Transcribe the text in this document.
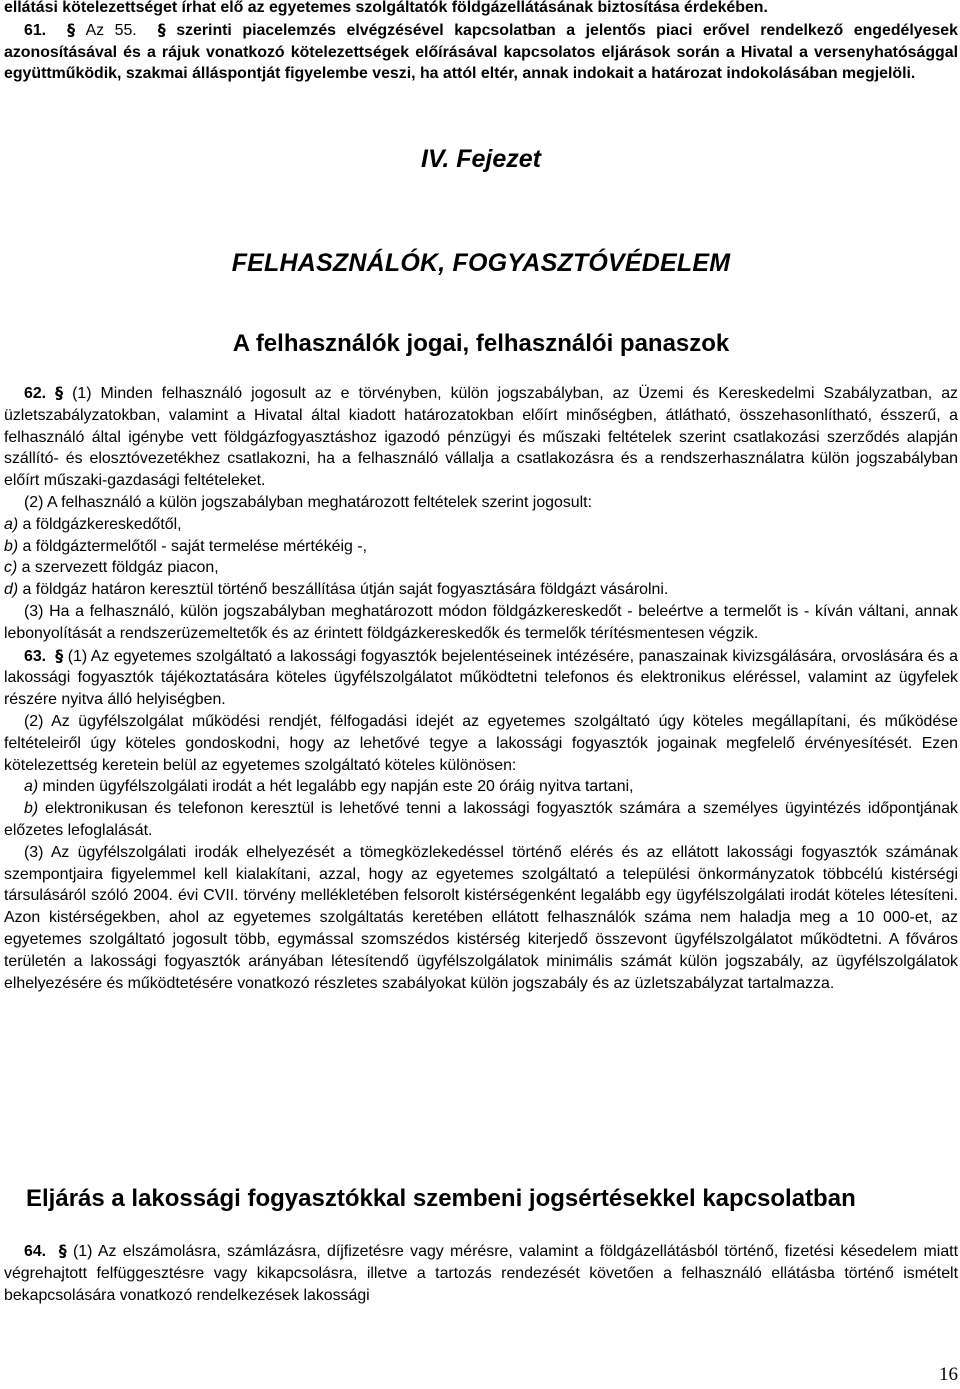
ellátási kötelezettséget írhat elő az egyetemes szolgáltatók földgázellátásának biztosítása érdekében.

61. § Az 55. § szerinti piacelemzés elvégzésével kapcsolatban a jelentős piaci erővel rendelkező engedélyesek azonosításával és a rájuk vonatkozó kötelezettségek előírásával kapcsolatos eljárások során a Hivatal a versenyhatósággal együttműködik, szakmai álláspontját figyelembe veszi, ha attól eltér, annak indokait a határozat indokolásában megjelöli.

IV. Fejezet
FELHASZNÁLÓK, FOGYASZTÓVÉDELEM
A felhasználók jogai, felhasználói panaszok

62. § (1) Minden felhasználó jogosult az e törvényben, külön jogszabályban, az Üzemi és Kereskedelmi Szabályzatban, az üzletszabályzatokban, valamint a Hivatal által kiadott határozatokban előírt minőségben, átlátható, összehasonlítható, ésszerű, a felhasználó által igénybe vett földgázfogyasztáshoz igazodó pénzügyi és műszaki feltételek szerint csatlakozási szerződés alapján szállító- és elosztóvezetékhez csatlakozni, ha a felhasználó vállalja a csatlakozásra és a rendszerhasználatra külön jogszabályban előírt műszaki-gazdasági feltételeket.

(2) A felhasználó a külön jogszabályban meghatározott feltételek szerint jogosult:

a) a földgázkereskedőtől,

b) a földgáztermelőtől - saját termelése mértékéig -,

c) a szervezett földgáz piacon,

d) a földgáz határon keresztül történő beszállítása útján saját fogyasztására földgázt vásárolni.

(3) Ha a felhasználó, külön jogszabályban meghatározott módon földgázkereskedőt - beleértve a termelőt is - kíván váltani, annak lebonyolítását a rendszerüzemeltetők és az érintett földgázkereskedők és termelők térítésmentesen végzik.

63. § (1) Az egyetemes szolgáltató a lakossági fogyasztók bejelentéseinek intézésére, panaszainak kivizsgálására, orvoslására és a lakossági fogyasztók tájékoztatására köteles ügyfélszolgálatot működtetni telefonos és elektronikus eléréssel, valamint az ügyfelek részére nyitva álló helyiségben.

(2) Az ügyfélszolgálat működési rendjét, félfogadási idejét az egyetemes szolgáltató úgy köteles megállapítani, és működése feltételeiről úgy köteles gondoskodni, hogy az lehetővé tegye a lakossági fogyasztók jogainak megfelelő érvényesítését. Ezen kötelezettség keretein belül az egyetemes szolgáltató köteles különösen:

a) minden ügyfélszolgálati irodát a hét legalább egy napján este 20 óráig nyitva tartani,

b) elektronikusan és telefonon keresztül is lehetővé tenni a lakossági fogyasztók számára a személyes ügyintézés időpontjának előzetes lefoglalását.

(3) Az ügyfélszolgálati irodák elhelyezését a tömegközlekedéssel történő elérés és az ellátott lakossági fogyasztók számának szempontjaira figyelemmel kell kialakítani, azzal, hogy az egyetemes szolgáltató a települési önkormányzatok többcélú kistérségi társulásáról szóló 2004. évi CVII. törvény mellékletében felsorolt kistérségenként legalább egy ügyfélszolgálati irodát köteles létesíteni. Azon kistérségekben, ahol az egyetemes szolgáltatás keretében ellátott felhasználók száma nem haladja meg a 10 000-et, az egyetemes szolgáltató jogosult több, egymással szomszédos kistérség kiterjedő összevont ügyfélszolgálatot működtetni. A főváros területén a lakossági fogyasztók arányában létesítendő ügyfélszolgálatok minimális számát külön jogszabály, az ügyfélszolgálatok elhelyezésére és működtetésére vonatkozó részletes szabályokat külön jogszabály és az üzletszabályzat tartalmazza.

Eljárás a lakossági fogyasztókkal szembeni jogsértésekkel kapcsolatban

64. § (1) Az elszámolásra, számlázásra, díjfizetésre vagy mérésre, valamint a földgázellátásból történő, fizetési késedelem miatt végrehajtott felfüggesztésre vagy kikapcsolásra, illetve a tartozás rendezését követően a felhasználó ellátásba történő ismételt bekapcsolására vonatkozó rendelkezések lakossági

16
